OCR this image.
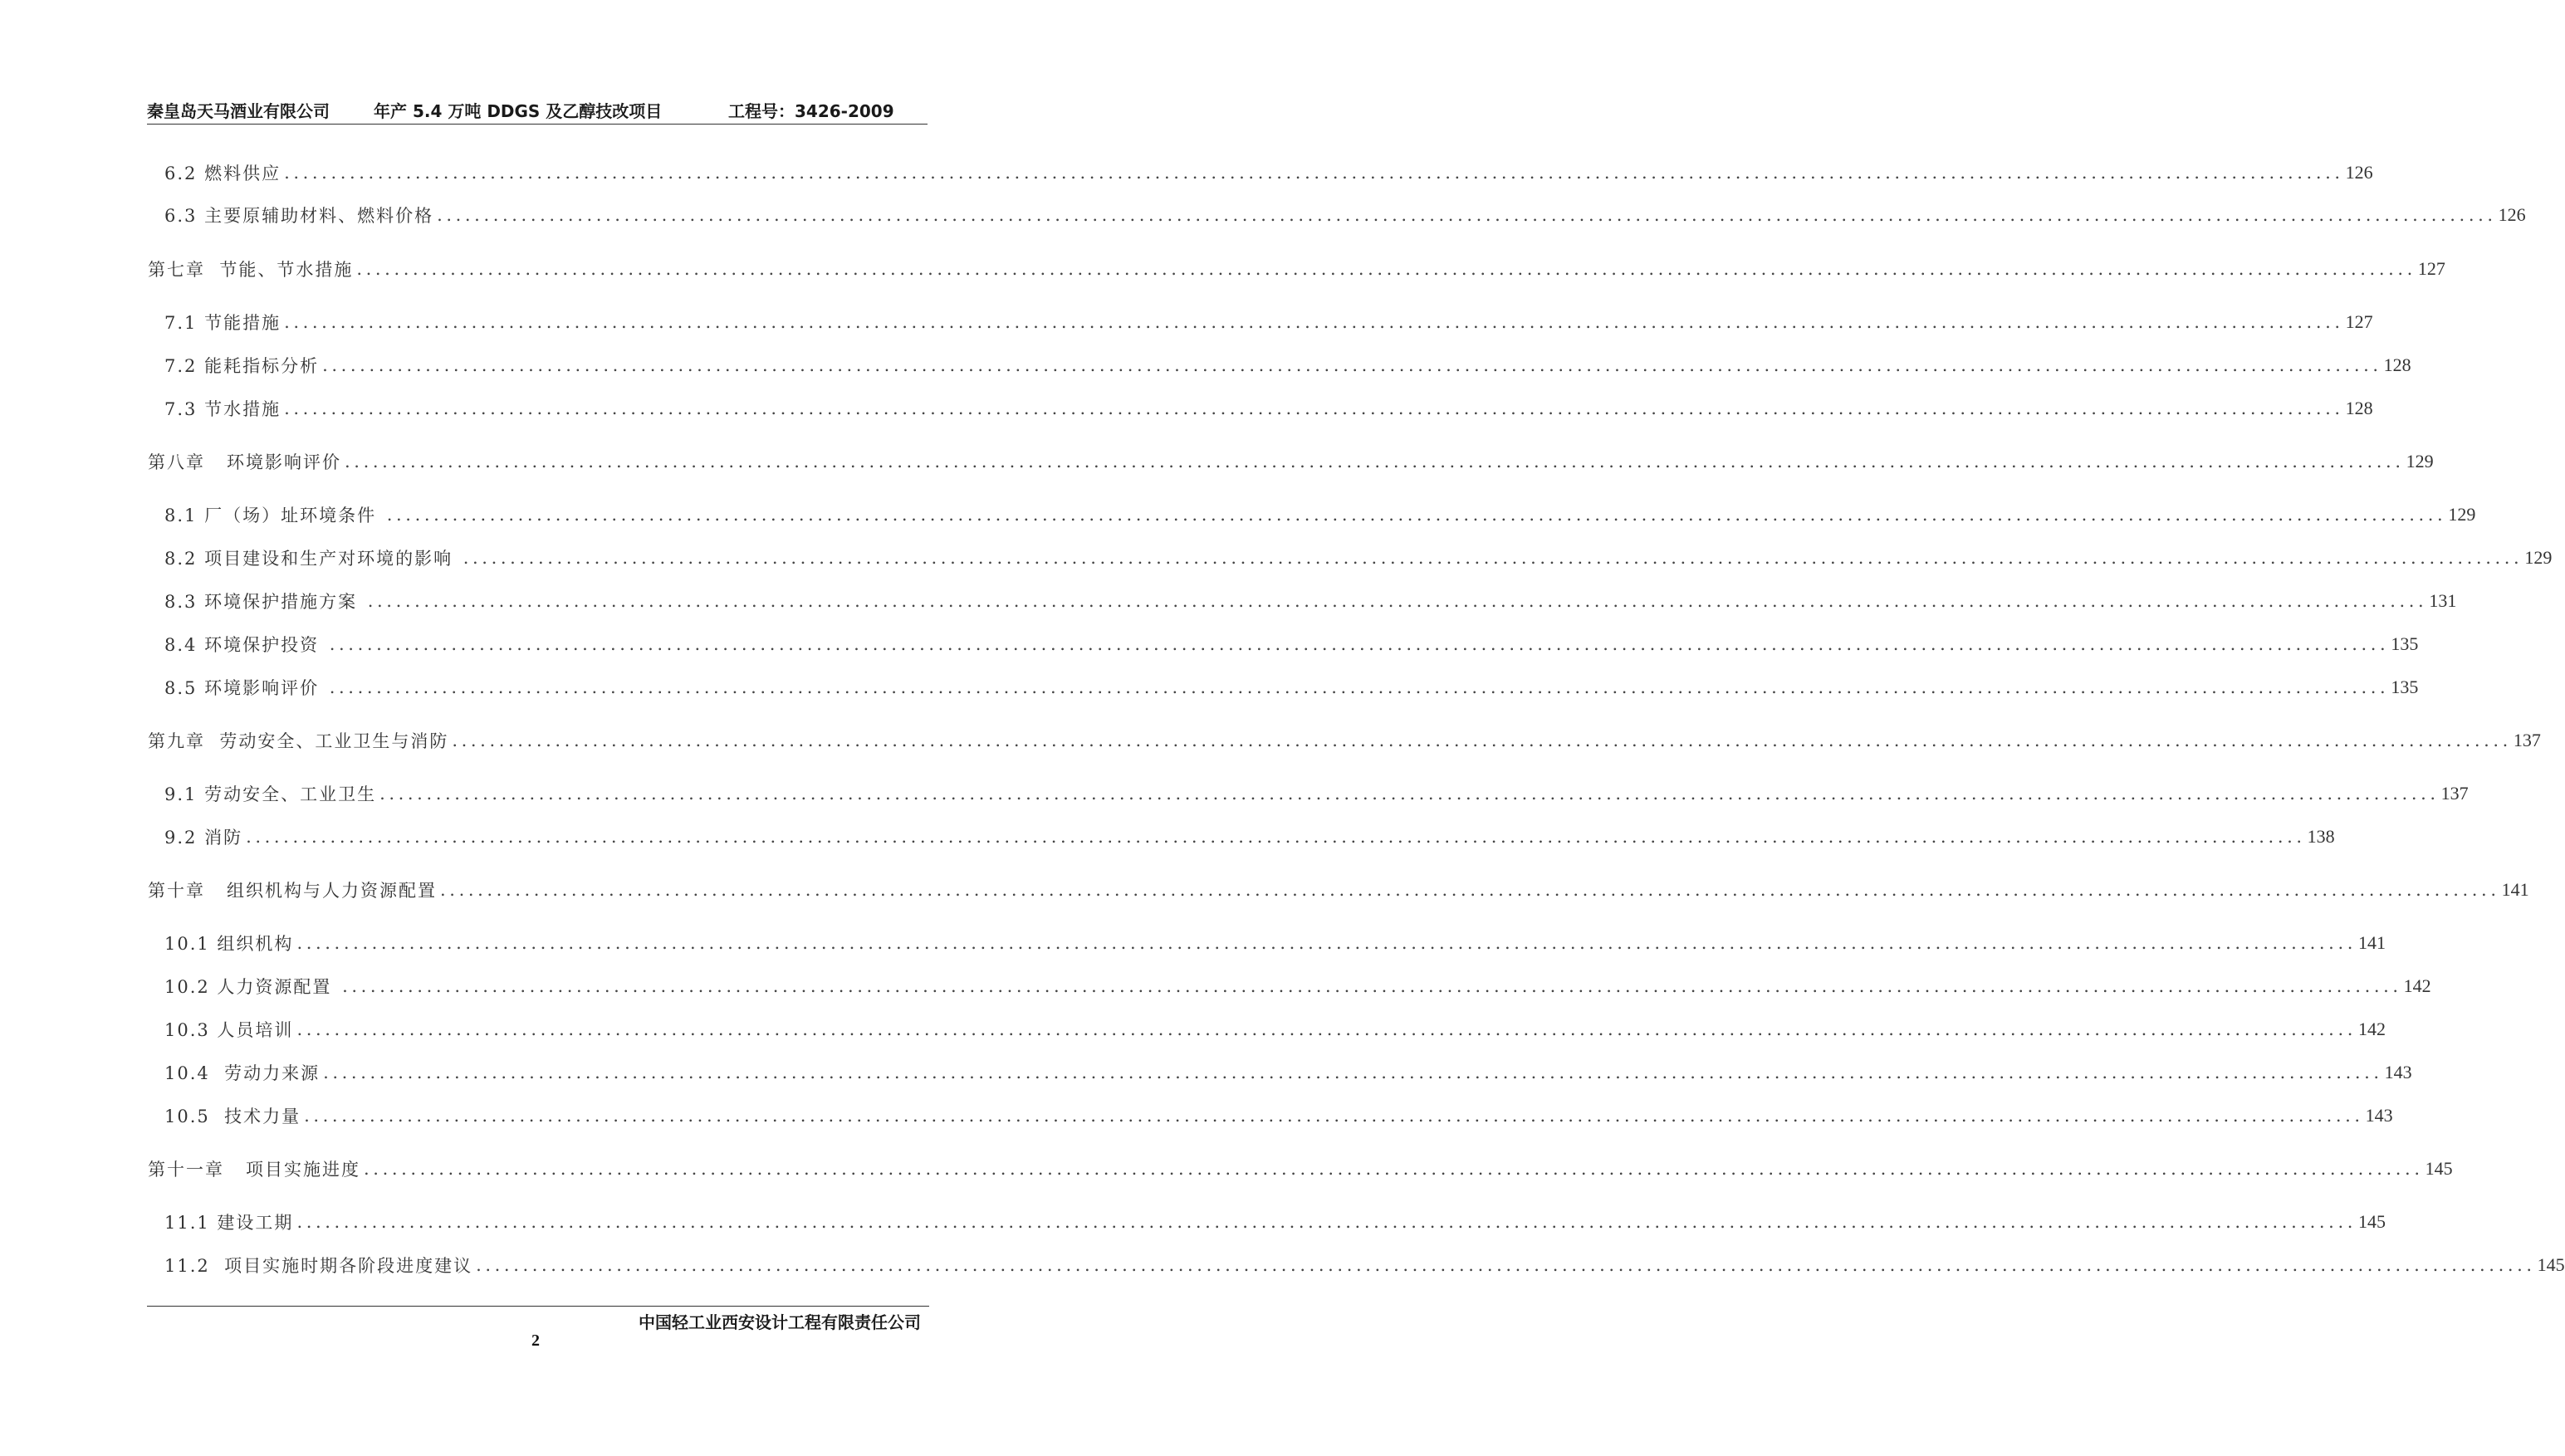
秦皇岛天马酒业有限公司	年产 5.4 万吨 DDGS 及乙醇技改项目	工程号：3426-2009
6.2 燃料供应 ............................................................................................................................................................................................................................ 126
6.3 主要原辅助材料、燃料价格 ............................................................................................................................................................................................................................ 126
第七章  节能、节水措施 ............................................................................................................................................................................................................................ 127
7.1 节能措施 ............................................................................................................................................................................................................................ 127
7.2 能耗指标分析 ............................................................................................................................................................................................................................ 128
7.3 节水措施 ............................................................................................................................................................................................................................ 128
第八章   环境影响评价 ............................................................................................................................................................................................................................ 129
8.1 厂（场）址环境条件 ............................................................................................................................................................................................................................ 129
8.2 项目建设和生产对环境的影响 ............................................................................................................................................................................................................................ 129
8.3 环境保护措施方案 ............................................................................................................................................................................................................................ 131
8.4 环境保护投资 ............................................................................................................................................................................................................................ 135
8.5 环境影响评价 ............................................................................................................................................................................................................................ 135
第九章  劳动安全、工业卫生与消防 ............................................................................................................................................................................................................................ 137
9.1 劳动安全、工业卫生 ............................................................................................................................................................................................................................ 137
9.2 消防 ............................................................................................................................................................................................................................ 138
第十章   组织机构与人力资源配置 ............................................................................................................................................................................................................................ 141
10.1 组织机构 ............................................................................................................................................................................................................................ 141
10.2 人力资源配置 ............................................................................................................................................................................................................................ 142
10.3 人员培训 ............................................................................................................................................................................................................................ 142
10.4  劳动力来源 ............................................................................................................................................................................................................................ 143
10.5  技术力量 ............................................................................................................................................................................................................................ 143
第十一章   项目实施进度 ............................................................................................................................................................................................................................ 145
11.1 建设工期 ............................................................................................................................................................................................................................ 145
11.2  项目实施时期各阶段进度建议 ............................................................................................................................................................................................................................ 145
中国轻工业西安设计工程有限责任公司
2
